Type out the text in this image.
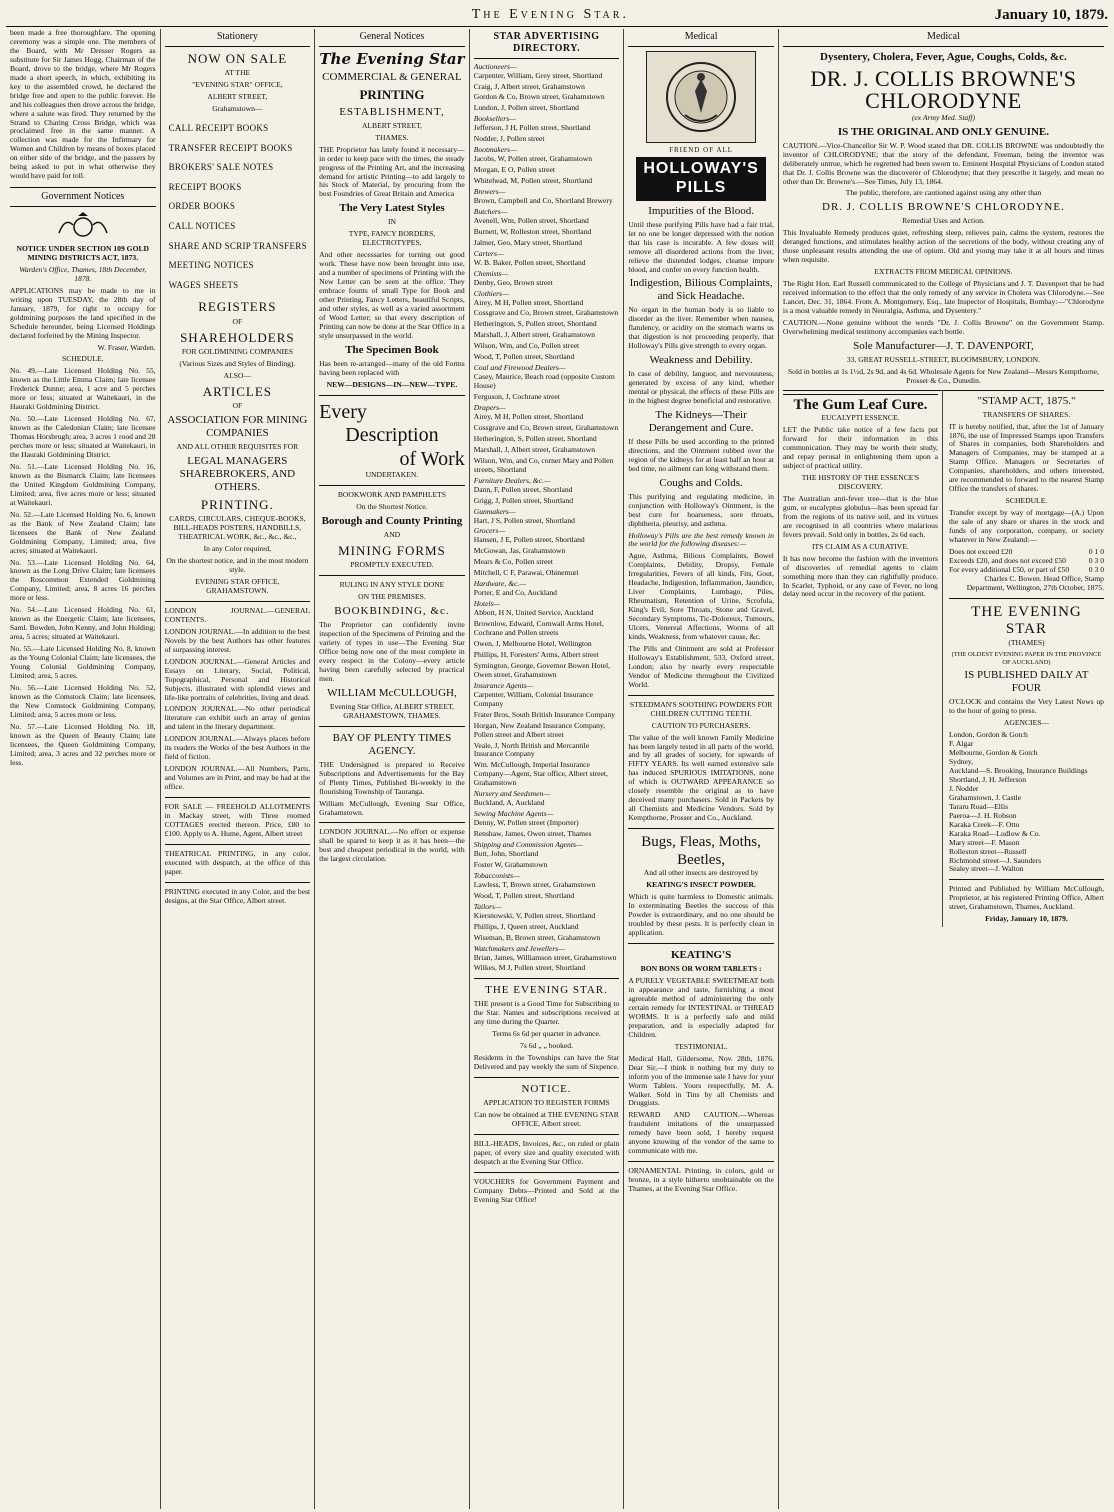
The Evening Star.	January 10, 1879.

been made a free thoroughfare. The opening ceremony was a simple one. The members of the Board, with Mr Dresser Rogers as substitute for Sir James Hogg, Chairman of the Board, drove to the bridge, where Mr Rogers made a short speech, in which, exhibiting its key to the assembled crowd, he declared the bridge free and open to the public forever. He and his colleagues then drove across the bridge, where a salute was fired. They returned by the Strand to Charing Cross Bridge, which was proclaimed free in the same manner. A collection was made for the Infirmary for Women and Children by means of boxes placed on either side of the bridge, and the passers by being asked to put in what otherwise they would have paid for toll.

Government Notices

NOTICE UNDER SECTION 109 GOLD MINING DISTRICTS ACT, 1873.

Warden's Office, Thames, 18th December, 1878.

APPLICATIONS may be made to me in writing upon TUESDAY, the 28th day of January, 1879, for right to occupy for goldmining purposes the land specified in the Schedule hereunder, being Licensed Holdings declared forfeited by the Mining Inspector.

W. Fraser, Warden.

SCHEDULE.

No. 49.—Late Licensed Holding No. 55, known as the Little Emma Claim; late licensee Frederick Dunne; area, 1 acre and 5 perches more or less; situated at Waitekauri, in the Hauraki Goldmining District.

No. 50.—Late Licensed Holding No. 67, known as the Caledonian Claim; late licensee Thomas Horsbrugh; area, 3 acres 1 rood and 28 perches more or less; situated at Waitekauri, in the Hauraki Goldmining District.

No. 51.—Late Licensed Holding No. 16, known as the Bismarck Claim; late licensees the United Kingdom Goldmining Company, Limited; area, five acres more or less; situated at Waitekauri.

No. 52.—Late Licensed Holding No. 6, known as the Bank of New Zealand Claim; late licensees the Bank of New Zealand Goldmining Company, Limited; area, five acres; situated at Waitekauri.

No. 53.—Late Licensed Holding No. 64, known as the Long Drive Claim; late licensees the Roscommon Extended Goldmining Company, Limited; area, 8 acres 16 perches more or less.

No. 54.—Late Licensed Holding No. 61, known as the Energetic Claim; late licensees, Saml. Bowden, John Kenny, and John Holding; area, 5 acres; situated at Waitekauri.

No. 55.—Late Licensed Holding No. 8, known as the Young Colonial Claim; late licensees, the Young Colonial Goldmining Company, Limited; area, 5 acres.

No. 56.—Late Licensed Holding No. 52, known as the Comstock Claim; late licensees, the New Comstock Goldmining Company, Limited; area, 5 acres more or less.

No. 57.—Late Licensed Holding No. 18, known as the Queen of Beauty Claim; late licensees, the Queen Goldmining Company, Limited; area, 3 acres and 32 perches more or less.

Stationery

NOW ON SALE

AT THE

"EVENING STAR" OFFICE,

ALBERT STREET,

Grahamstown—

CALL RECEIPT BOOKS
TRANSFER RECEIPT BOOKS
BROKERS' SALE NOTES
RECEIPT BOOKS
ORDER BOOKS
CALL NOTICES
SHARE AND SCRIP TRANSFERS
MEETING NOTICES
WAGES SHEETS

REGISTERS

OF

SHAREHOLDERS

FOR GOLDMINING COMPANIES

(Various Sizes and Styles of Binding).

ALSO—

ARTICLES

OF

ASSOCIATION FOR MINING COMPANIES

AND ALL OTHER REQUISITES FOR

LEGAL MANAGERS SHAREBROKERS, AND OTHERS.

PRINTING.

CARDS, CIRCULARS, CHEQUE-BOOKS, BILL-HEADS POSTERS, HANDBILLS, THEATRICAL WORK, &c., &c., &c.,

In any Color required,

On the shortest notice, and in the most modern style.

EVENING STAR OFFICE, GRAHAMSTOWN.

LONDON JOURNAL.—GENERAL CONTENTS.

LONDON JOURNAL.—In addition to the best Novels by the best Authors has other features of surpassing interest.

LONDON JOURNAL.—General Articles and Essays on Literary, Social, Political, Topographical, Personal and Historical Subjects, illustrated with splendid views and life-like portraits of celebrities, living and dead.

LONDON JOURNAL.—No other periodical literature can exhibit such an array of genius and talent in the literary department.

LONDON JOURNAL.—Always places before its readers the Works of the best Authors in the field of fiction.

LONDON JOURNAL.—All Numbers, Parts, and Volumes are in Print, and may be had at the office.

FOR SALE — FREEHOLD ALLOTMENTS in Mackay street, with Three roomed COTTAGES erected thereon. Price, £80 to £100. Apply to A. Hume, Agent, Albert street

THEATRICAL PRINTING, in any color, executed with despatch, at the office of this paper.

PRINTING executed in any Color, and the best designs, at the Star Office, Albert street.

General Notices

The Evening Star

COMMERCIAL & GENERAL

PRINTING

ESTABLISHMENT,

ALBERT STREET,

THAMES.

THE Proprietor has lately found it necessary—in order to keep pace with the times, the steady progress of the Printing Art, and the increasing demand for artistic Printing—to add largely to his Stock of Material, by procuring from the best Foundries of Great Britain and America

The Very Latest Styles

IN

TYPE, FANCY BORDERS, ELECTROTYPES,

And other necessaries for turning out good work. These have now been brought into use, and a number of specimens of Printing with the New Letter can be seen at the office. They embrace founts of small Type for Book and other Printing, Fancy Letters, beautiful Scripts, and other styles, as well as a varied assortment of Wood Letter; so that every description of Printing can now be done at the Star Office in a style unsurpassed in the world.

The Specimen Book

Has been re-arranged—many of the old Forms having been replaced with

NEW—DESIGNS—IN—NEW—TYPE.

Every

Description

of Work

UNDERTAKEN.

BOOKWORK AND PAMPHLETS

On the Shortest Notice.

Borough and County Printing

AND

MINING FORMS

PROMPTLY EXECUTED.

RULING IN ANY STYLE DONE

ON THE PREMISES.

BOOKBINDING, &c.

The Proprietor can confidently invite inspection of the Specimens of Printing and the variety of types in use—The Evening Star Office being now one of the most complete in every respect in the Colony—every article having been carefully selected by practical men.

WILLIAM McCULLOUGH,

Evening Star Office, ALBERT STREET, GRAHAMSTOWN, THAMES.

BAY OF PLENTY TIMES AGENCY.

THE Undersigned is prepared to Receive Subscriptions and Advertisements for the Bay of Plenty Times, Published Bi-weekly in the flourishing Township of Tauranga.

William McCullough, Evening Star Office, Grahamstown.

LONDON JOURNAL.—No effort or expense shall be spared to keep it as it has been—the best and cheapest periodical in the world, with the largest circulation.

STAR ADVERTISING DIRECTORY.
Auctioneers—
Carpenter, William, Grey street, Shortland
Craig, J, Albert street, Grahamstown
Gordon & Co, Brown street, Grahamstown
Lundon, J, Pollen street, Shortland
Booksellers—
Jefferson, J H, Pollen street, Shortland
Nodder, J, Pollen street
Bootmakers—
Jacobs, W, Pollen street, Grahamstown
Morgan, E O, Pollen street
Whitehead, M, Pollen street, Shortland
Brewers—
Brown, Campbell and Co, Shortland Brewery
Butchers—
Avenell, Wm, Pollen street, Shortland
Burnett, W, Rolleston street, Shortland
Jalmer, Geo, Mary street, Shortland
Carters—
W. B. Baker, Pollen street, Shortland
Chemists—
Denby, Geo, Brown street
Clothiers—
Airey, M H, Pollen street, Shortland
Cossgrave and Co, Brown street, Grahamstown
Hetherington, S, Pollen street, Shortland
Marshall, J, Albert street, Grahamstown
Wilson, Wm, and Co, Pollen street
Wood, T, Pollen street, Shortland
Coal and Firewood Dealers—
Casey, Maurice, Beach road (opposite Custom House)
Ferguson, J, Cochrane street
Drapers—
Airey, M H, Pollen street, Shortland
Cossgrave and Co, Brown street, Grahamstown
Hetherington, S, Pollen street, Shortland
Marshall, J, Albert street, Grahamstown
Wilson, Wm, and Co, corner Mary and Pollen streets, Shortland
Furniture Dealers, &c.—
Dann, F, Pollen street, Shortland
Grigg, J, Pollen street, Shortland
Gunmakers—
Hart, J S, Pollen street, Shortland
Grocers—
Hansen, J E, Pollen street, Shortland
McGowan, Jas, Grahamstown
Mears & Co, Pollen street
Mitchell, C F, Parawai, Ohinemuri
Hardware, &c.—
Porter, E and Co, Auckland
Hotels—
Abbott, H N, United Service, Auckland
Brownlow, Edward, Cornwall Arms Hotel, Cochrane and Pollen streets
Owen, J, Melbourne Hotel, Wellington
Phillips, H, Foresters' Arms, Albert street
Symington, George, Governor Bowen Hotel, Owen street, Grahamstown
Insurance Agents—
Carpenter, William, Colonial Insurance Company
Frater Bros, South British Insurance Company
Horgan, New Zealand Insurance Company, Pollen street and Albert street
Veale, J, North British and Mercantile Insurance Company
Wm. McCullough, Imperial Insurance Company—Agent, Star office, Albert street, Grahamstown
Nursery and Seedsmen—
Buckland, A, Auckland
Sewing Machine Agents—
Denny, W, Pollen street (Importer)
Renshaw, James, Owen street, Thames
Shipping and Commission Agents—
Butt, John, Shortland
Foster W, Grahamstown
Tobacconists—
Lawless, T, Brown street, Grahamstown
Wood, T, Pollen street, Shortland
Tailors—
Kiersnowski, V, Pollen street, Shortland
Phillips, J, Queen street, Auckland
Wiseman, B, Brown street, Grahamstown
Watchmakers and Jewellers—
Brian, James, Williamson street, Grahamstown
Wilkes, M J, Pollen street, Shortland

THE EVENING STAR.

THE present is a Good Time for Subscribing to the Star. Names and subscriptions received at any time during the Quarter.

Terms 6s 6d per quarter in advance.

7s 6d „ „ booked.

Residents in the Townships can have the Star Delivered and pay weekly the sum of Sixpence.

NOTICE.

APPLICATION TO REGISTER FORMS

Can now be obtained at THE EVENING STAR OFFICE, Albert street.

BILL-HEADS, Invoices, &c., on ruled or plain paper, of every size and quality executed with despatch at the Evening Star Office.

VOUCHERS for Government Payment and Company Debts—Printed and Sold at the Evening Star Office!

Medical

FRIEND OF ALL

HOLLOWAY'S PILLS

Impurities of the Blood.

Until these purifying Pills have had a fair trial, let no one be longer depressed with the notion that his case is incurable. A few doses will remove all disordered actions from the liver, relieve the distended lodges, cleanse impure blood, and confer on every function health.

Indigestion, Bilious Complaints, and Sick Headache.

No organ in the human body is so liable to disorder as the liver. Remember when nausea, flatulency, or acidity on the stomach warns us that digestion is not proceeding properly, that Holloway's Pills give strength to every organ.

Weakness and Debility.

In case of debility, languor, and nervousness, generated by excess of any kind, whether mental or physical, the effects of these Pills are in the highest degree beneficial and restorative.

The Kidneys—Their Derangement and Cure.

If these Pills be used according to the printed directions, and the Ointment rubbed over the region of the kidneys for at least half an hour at bed time, no ailment can long withstand them.

Coughs and Colds.

This purifying and regulating medicine, in conjunction with Holloway's Ointment, is the best cure for hoarseness, sore throats, diphtheria, pleurisy, and asthma.

Holloway's Pills are the best remedy known in the world for the following diseases:—

Ague, Asthma, Bilious Complaints, Bowel Complaints, Debility, Dropsy, Female Irregularities, Fevers of all kinds, Fits, Gout, Headache, Indigestion, Inflammation, Jaundice, Liver Complaints, Lumbago, Piles, Rheumatism, Retention of Urine, Scrofula, King's Evil, Sore Throats, Stone and Gravel, Secondary Symptoms, Tic-Doloreux, Tumours, Ulcers, Venereal Affections, Worms of all kinds, Weakness, from whatever cause, &c.

The Pills and Ointment are sold at Professor Holloway's Establishment, 533, Oxford street, London; also by nearly every respectable Vendor of Medicine throughout the Civilized World.

STEEDMAN'S SOOTHING POWDERS FOR CHILDREN CUTTING TEETH.

CAUTION TO PURCHASERS.

The value of the well known Family Medicine has been largely tested in all parts of the world, and by all grades of society, for upwards of FIFTY YEARS. Its well earned extensive sale has induced SPURIOUS IMITATIONS, none of which is OUTWARD APPEARANCE so closely resemble the original as to have deceived many purchasers. Sold in Packets by all Chemists and Medicine Vendors. Sold by Kempthorne, Prosser and Co., Auckland.

Bugs, Fleas, Moths, Beetles,

And all other insects are destroyed by

KEATING'S INSECT POWDER.

Which is quite harmless to Domestic animals. In exterminating Beetles the success of this Powder is extraordinary, and no one should be troubled by these pests. It is perfectly clean in application.

KEATING'S

BON BONS OR WORM TABLETS :

A PURELY VEGETABLE SWEETMEAT both in appearance and taste, furnishing a most agreeable method of administering the only certain remedy for INTESTINAL or THREAD WORMS. It is a perfectly safe and mild preparation, and is especially adapted for Children.

TESTIMONIAL.

Medical Hall, Gildersome, Nov. 28th, 1876. Dear Sir,—I think it nothing but my duty to inform you of the immense sale I have for your Worm Tablets. Yours respectfully, M. A. Walker. Sold in Tins by all Chemists and Druggists.

REWARD AND CAUTION.—Whereas fraudulent imitations of the unsurpassed remedy have been sold, I hereby request anyone knowing of the vendor of the same to communicate with me.

ORNAMENTAL Printing, in colors, gold or bronze, in a style hitherto unobtainable on the Thames, at the Evening Star Office.

Medical

Dysentery, Cholera, Fever, Ague, Coughs, Colds, &c.

DR. J. COLLIS BROWNE'S CHLORODYNE

(ex Army Med. Staff)

IS THE ORIGINAL AND ONLY GENUINE.

CAUTION.—Vice-Chancellor Sir W. P. Wood stated that DR. COLLIS BROWNE was undoubtedly the inventor of CHLORODYNE; that the story of the defendant, Freeman, being the inventor was deliberately untrue, which he regretted had been sworn to. Eminent Hospital Physicians of London stated that Dr. J. Collis Browne was the discoverer of Chlorodyne; that they prescribe it largely, and mean no other than Dr. Browne's.—See Times, July 13, 1864.

The public, therefore, are cautioned against using any other than

DR. J. COLLIS BROWNE'S CHLORODYNE.

Remedial Uses and Action.

This Invaluable Remedy produces quiet, refreshing sleep, relieves pain, calms the system, restores the deranged functions, and stimulates healthy action of the secretions of the body, without creating any of those unpleasant results attending the use of opium. Old and young may take it at all hours and times when requisite.

EXTRACTS FROM MEDICAL OPINIONS.

The Right Hon. Earl Russell communicated to the College of Physicians and J. T. Davenport that he had received information to the effect that the only remedy of any service in Cholera was Chlorodyne.—See Lancet, Dec. 31, 1864. From A. Montgomery, Esq., late Inspector of Hospitals, Bombay:—"Chlorodyne is a most valuable remedy in Neuralgia, Asthma, and Dysentery."

CAUTION.—None genuine without the words "Dr. J. Collis Browne" on the Government Stamp. Overwhelming medical testimony accompanies each bottle.

Sole Manufacturer—J. T. DAVENPORT,

33, GREAT RUSSELL-STREET, BLOOMSBURY, LONDON.

Sold in bottles at 1s 1½d, 2s 9d, and 4s 6d. Wholesale Agents for New Zealand—Messrs Kempthorne, Prosser & Co., Dunedin.

The Gum Leaf Cure.

EUCALYPTI ESSENCE.

LET the Public take notice of a few facts put forward for their information in this communication. They may be worth their study, and repay perusal in enlightening them upon a subject of practical utility.

THE HISTORY OF THE ESSENCE'S DISCOVERY.

The Australian anti-fever tree—that is the blue gum, or eucalyptus globulus—has been spread far from the regions of its native soil, and its virtues are recognised in all countries where malarious fevers prevail. Sold only in bottles, 2s 6d each.

ITS CLAIM AS A CURATIVE.

It has now become the fashion with the inventors of discoveries of remedial agents to claim something more than they can rightfully produce. In Scarlet, Typhoid, or any case of Fever, no long delay need occur in the recovery of the patient.

"STAMP ACT, 1875."

TRANSFERS OF SHARES.

IT is hereby notified, that, after the 1st of January 1876, the use of Impressed Stamps upon Transfers of Shares in companies, both Shareholders and Managers of Companies, may be stamped at a Stamp Office. Managers or Secretaries of Companies, shareholders, and others interested, are recommended to forward to the nearest Stamp Office the transfers of shares.

SCHEDULE.

Transfer except by way of mortgage—(A.) Upon the sale of any share or shares in the stock and funds of any corporation, company, or society whatever in New Zealand:—

Does not exceed £20	0 1 0
Exceeds £20, and does not exceed £50	0 3 0
For every additional £50, or part of £50	0 3 0

Charles C. Bowen. Head Office, Stamp Department, Wellington, 27th October, 1875.

THE EVENING STAR

(THAMES)

(THE OLDEST EVENING PAPER IN THE PROVINCE OF AUCKLAND)

IS PUBLISHED DAILY AT FOUR

O'CLOCK and contains the Very Latest News up to the hour of going to press.

AGENCIES—

London, Gordon & Gotch
F. Algar
Melbourne, Gordon & Gotch
Sydney,
Auckland—S. Brooking, Insurance Buildings
Shortland, J. H. Jefferson
J. Nodder
Grahamstown, J. Castle
Tararu Road—Ellis
Paeroa—J. H. Robson
Karaka Creek—F. Otto
Karaka Road—Ludlow & Co.
Mary street—F. Mason
Rolleston street—Russell
Richmond street—J. Saunders
Sealey street—J. Walton

Printed and Published by William McCullough, Proprietor, at his registered Printing Office, Albert street, Grahamstown, Thames, Auckland.

Friday, January 10, 1879.
